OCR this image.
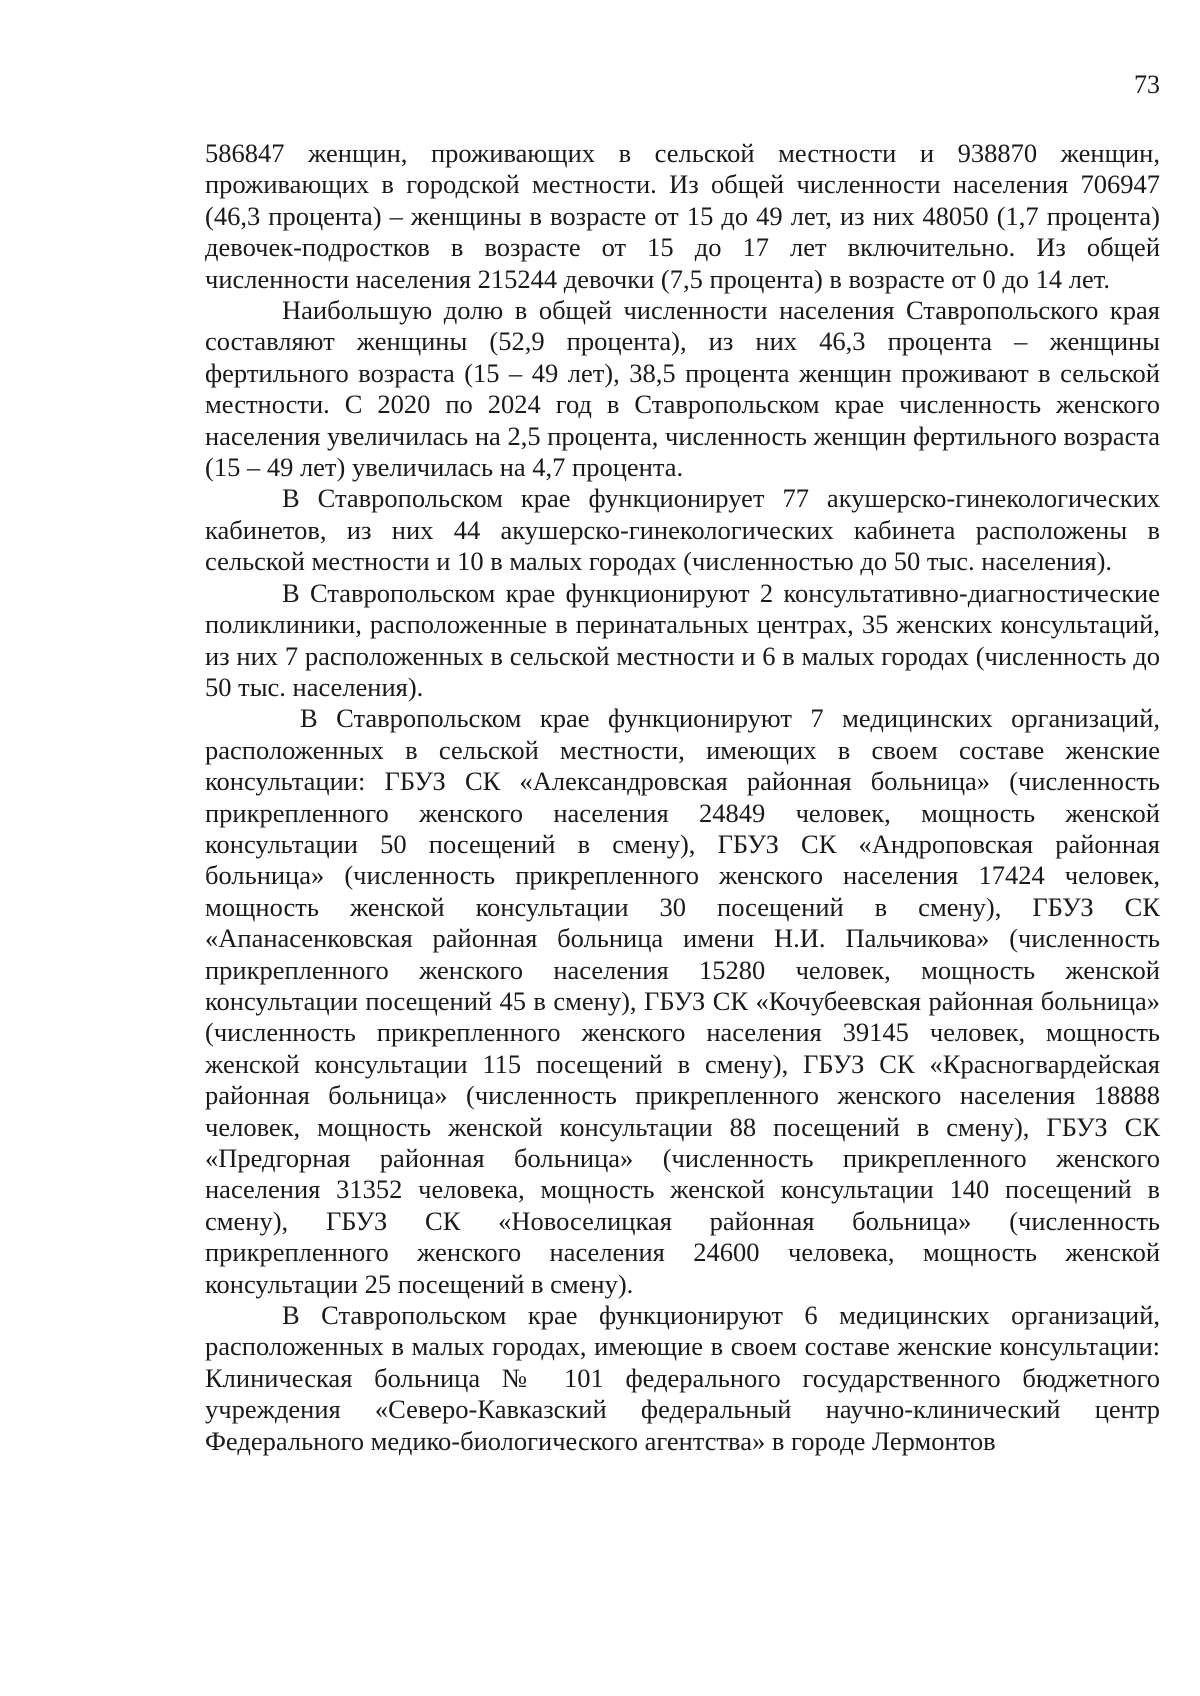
73

586847 женщин, проживающих в сельской местности и 938870 женщин, проживающих в городской местности. Из общей численности населения 706947 (46,3 процента) – женщины в возрасте от 15 до 49 лет, из них 48050 (1,7 процента) девочек-подростков в возрасте от 15 до 17 лет включительно. Из общей численности населения 215244 девочки (7,5 процента) в возрасте от 0 до 14 лет.

Наибольшую долю в общей численности населения Ставропольского края составляют женщины (52,9 процента), из них 46,3 процента – женщины фертильного возраста (15 – 49 лет), 38,5 процента женщин проживают в сельской местности. С 2020 по 2024 год в Ставропольском крае численность женского населения увеличилась на 2,5 процента, численность женщин фертильного возраста (15 – 49 лет) увеличилась на 4,7 процента.

В Ставропольском крае функционирует 77 акушерско-гинекологических кабинетов, из них 44 акушерско-гинекологических кабинета расположены в сельской местности и 10 в малых городах (численностью до 50 тыс. населения).

В Ставропольском крае функционируют 2 консультативно-диагностические поликлиники, расположенные в перинатальных центрах, 35 женских консультаций, из них 7 расположенных в сельской местности и 6 в малых городах (численность до 50 тыс. населения).

В Ставропольском крае функционируют 7 медицинских организаций, расположенных в сельской местности, имеющих в своем составе женские консультации: ГБУЗ СК «Александровская районная больница» (численность прикрепленного женского населения 24849 человек, мощность женской консультации 50 посещений в смену), ГБУЗ СК «Андроповская районная больница» (численность прикрепленного женского населения 17424 человек, мощность женской консультации 30 посещений в смену), ГБУЗ СК «Апанасенковская районная больница имени Н.И. Пальчикова» (численность прикрепленного женского населения 15280 человек, мощность женской консультации посещений 45 в смену), ГБУЗ СК «Кочубеевская районная больница» (численность прикрепленного женского населения 39145 человек, мощность женской консультации 115 посещений в смену), ГБУЗ СК «Красногвардейская районная больница» (численность прикрепленного женского населения 18888 человек, мощность женской консультации 88 посещений в смену), ГБУЗ СК «Предгорная районная больница» (численность прикрепленного женского населения 31352 человека, мощность женской консультации 140 посещений в смену), ГБУЗ СК «Новоселицкая районная больница» (численность прикрепленного женского населения 24600 человека, мощность женской консультации 25 посещений в смену).

В Ставропольском крае функционируют 6 медицинских организаций, расположенных в малых городах, имеющие в своем составе женские консультации: Клиническая больница № 101 федерального государственного бюджетного учреждения «Северо-Кавказский федеральный научно-клинический центр Федерального медико-биологического агентства» в городе Лермонтов
